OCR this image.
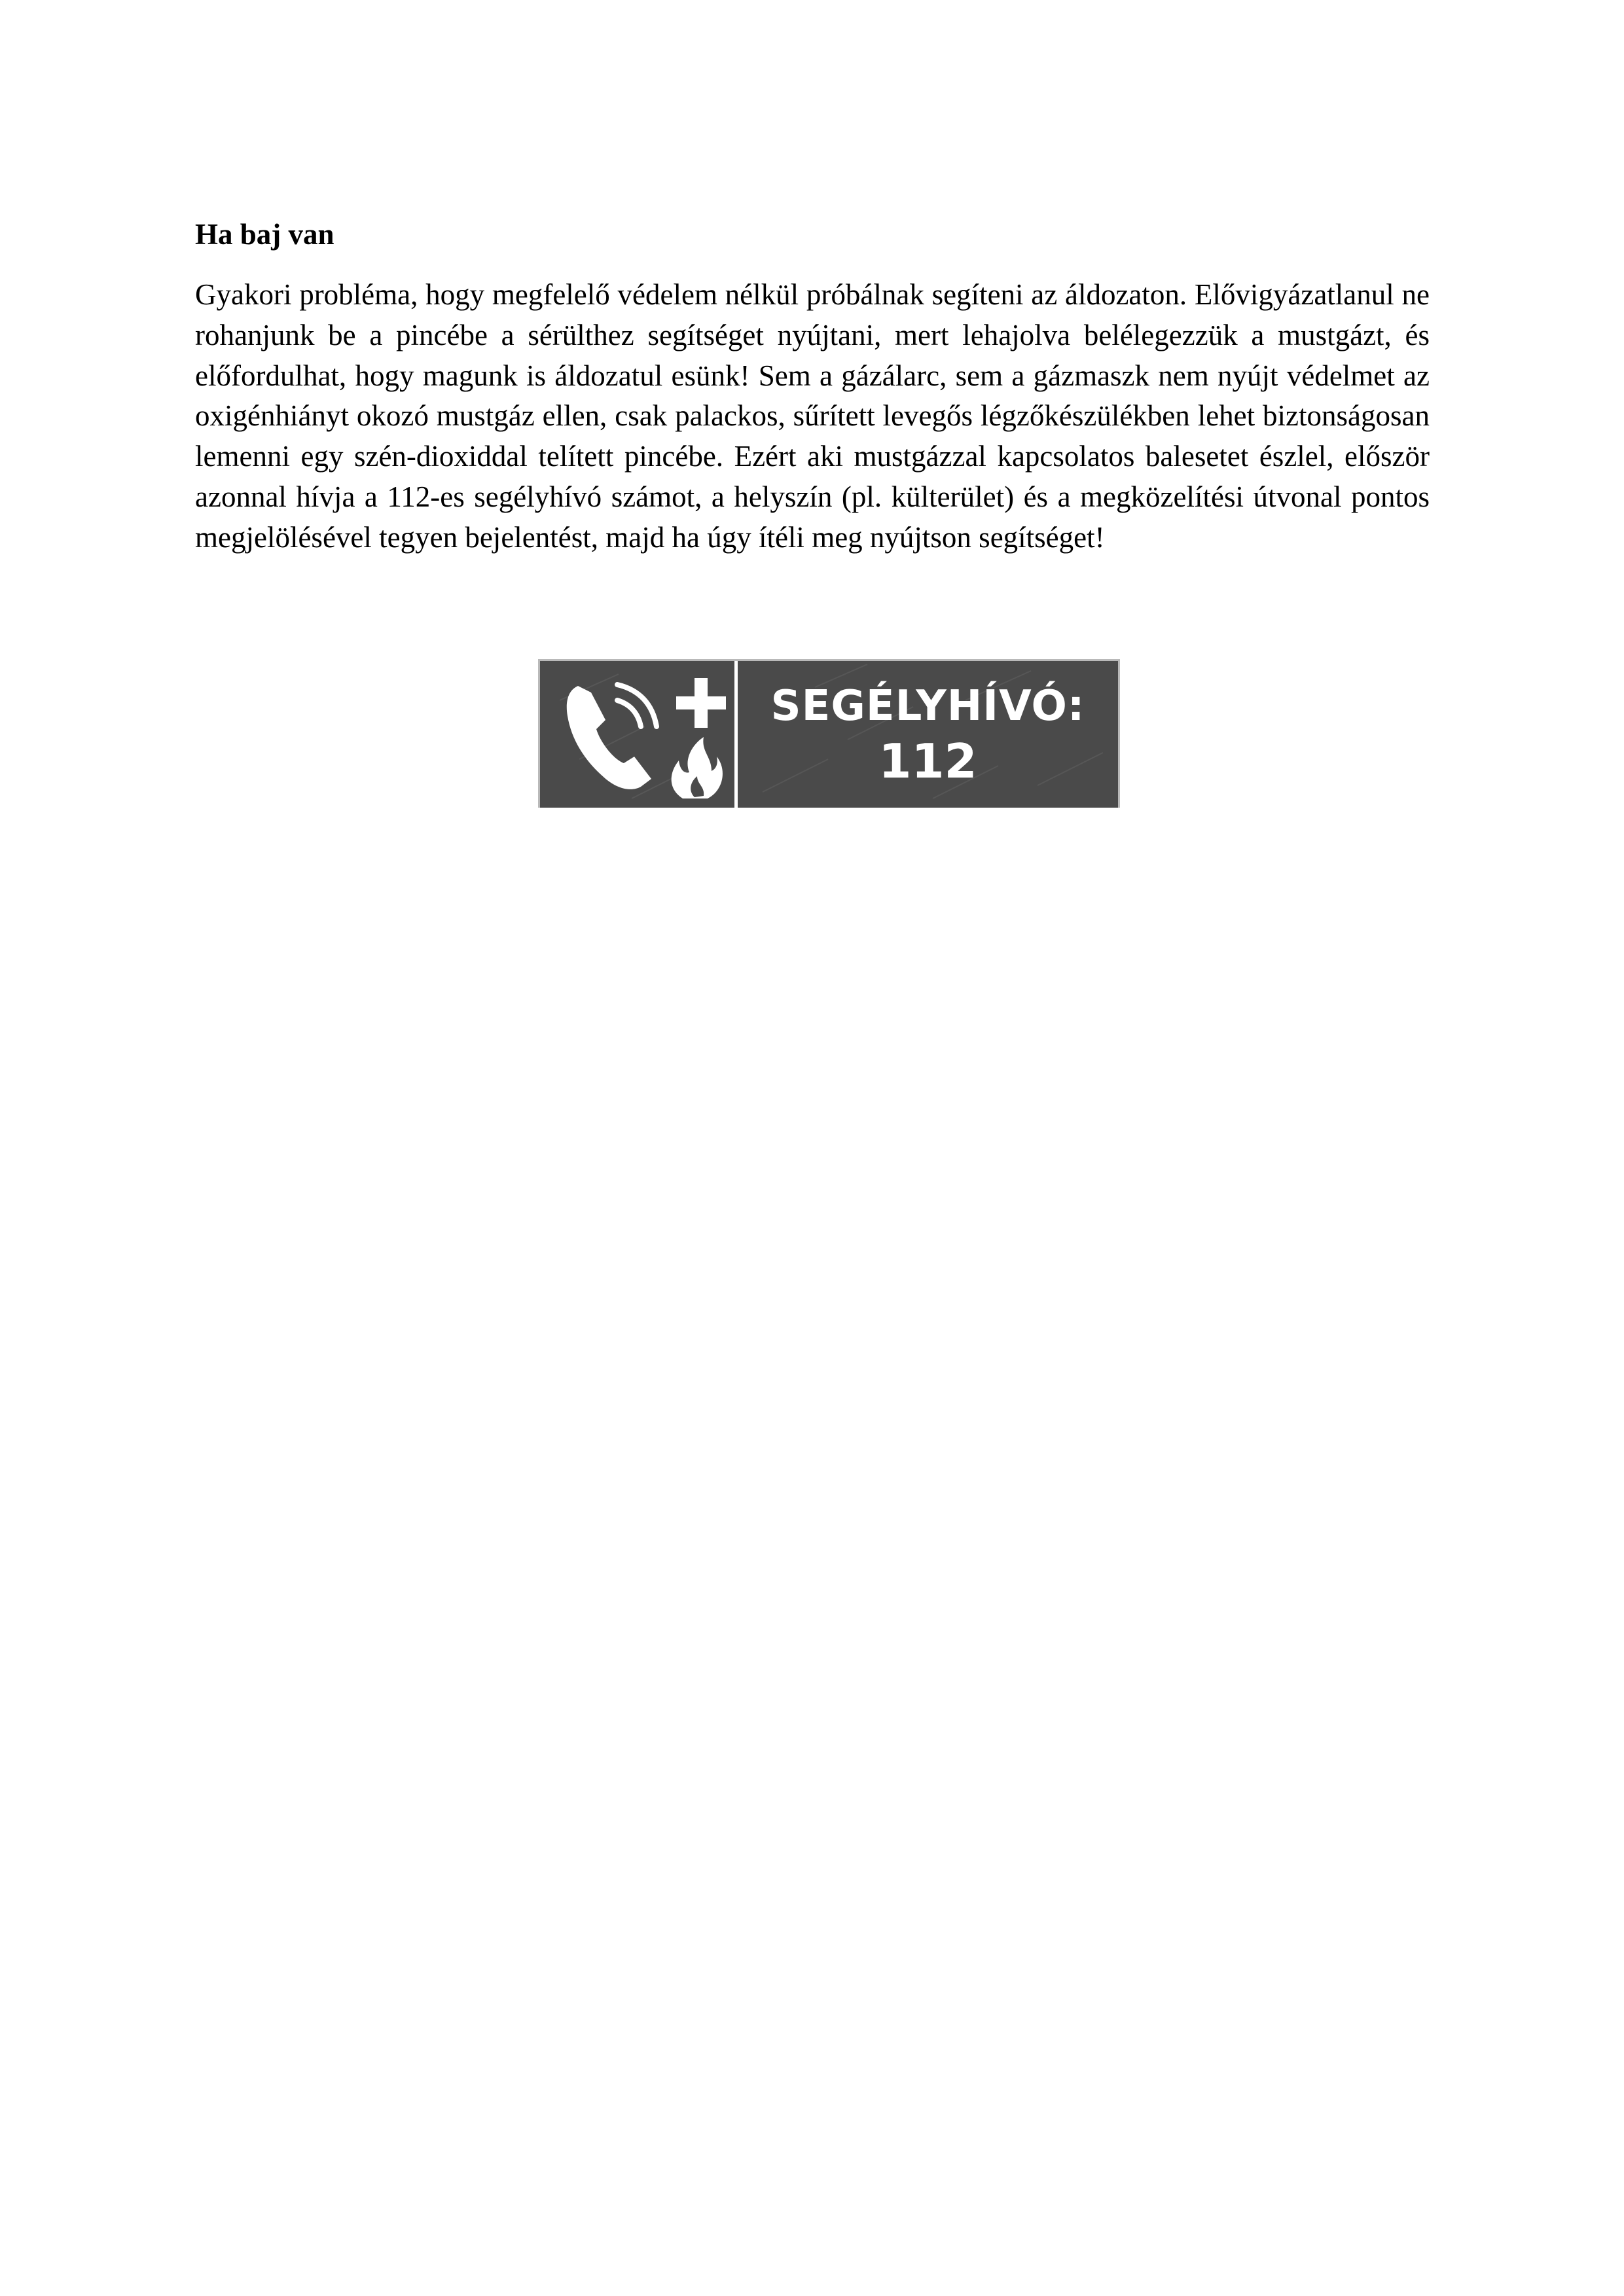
Ha baj van

Gyakori probléma, hogy megfelelő védelem nélkül próbálnak segíteni az áldozaton. Elővigyázatlanul ne rohanjunk be a pincébe a sérülthez segítséget nyújtani, mert lehajolva belélegezzük a mustgázt, és előfordulhat, hogy magunk is áldozatul esünk! Sem a gázálarc, sem a gázmaszk nem nyújt védelmet az oxigénhiányt okozó mustgáz ellen, csak palackos, sűrített levegős légzőkészülékben lehet biztonságosan lemenni egy szén-dioxiddal telített pincébe. Ezért aki mustgázzal kapcsolatos balesetet észlel, először azonnal hívja a 112-es segélyhívó számot, a helyszín (pl. külterület) és a megközelítési útvonal pontos megjelölésével tegyen bejelentést, majd ha úgy ítéli meg nyújtson segítséget!

SEGÉLYHÍVÓ:
112
